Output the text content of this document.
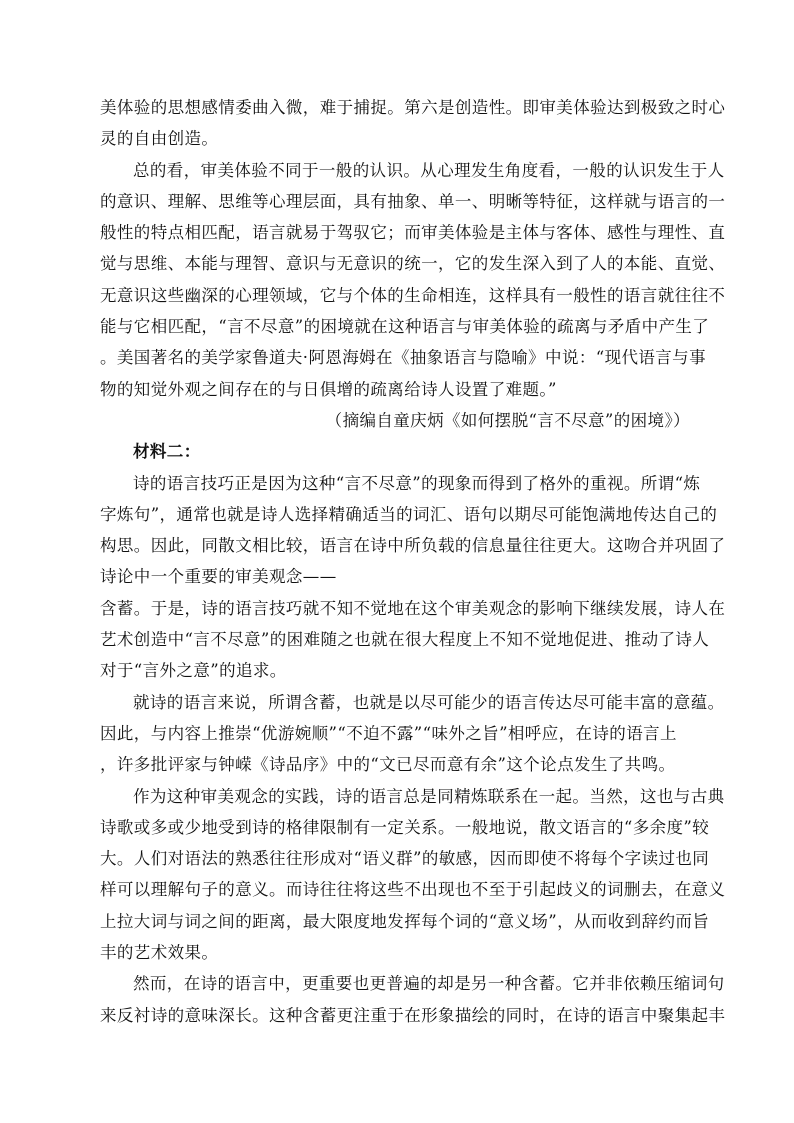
美体验的思想感情委曲入微，难于捕捉。第六是创造性。即审美体验达到极致之时心
灵的自由创造。
总的看，审美体验不同于一般的认识。从心理发生角度看，一般的认识发生于人
的意识、理解、思维等心理层面，具有抽象、单一、明晰等特征，这样就与语言的一
般性的特点相匹配，语言就易于驾驭它；而审美体验是主体与客体、感性与理性、直
觉与思维、本能与理智、意识与无意识的统一，它的发生深入到了人的本能、直觉、
无意识这些幽深的心理领域，它与个体的生命相连，这样具有一般性的语言就往往不
能与它相匹配，“言不尽意”的困境就在这种语言与审美体验的疏离与矛盾中产生了
。美国著名的美学家鲁道夫·阿恩海姆在《抽象语言与隐喻》中说：“现代语言与事
物的知觉外观之间存在的与日俱增的疏离给诗人设置了难题。”
（摘编自童庆炳《如何摆脱“言不尽意”的困境》）
材料二：
诗的语言技巧正是因为这种“言不尽意”的现象而得到了格外的重视。所谓“炼
字炼句”，通常也就是诗人选择精确适当的词汇、语句以期尽可能饱满地传达自己的
构思。因此，同散文相比较，语言在诗中所负载的信息量往往更大。这吻合并巩固了
诗论中一个重要的审美观念——
含蓄。于是，诗的语言技巧就不知不觉地在这个审美观念的影响下继续发展，诗人在
艺术创造中“言不尽意”的困难随之也就在很大程度上不知不觉地促进、推动了诗人
对于“言外之意”的追求。
就诗的语言来说，所谓含蓄，也就是以尽可能少的语言传达尽可能丰富的意蕴。
因此，与内容上推崇“优游婉顺”“不迫不露”“味外之旨”相呼应，在诗的语言上
，许多批评家与钟嵘《诗品序》中的“文已尽而意有余”这个论点发生了共鸣。
作为这种审美观念的实践，诗的语言总是同精炼联系在一起。当然，这也与古典
诗歌或多或少地受到诗的格律限制有一定关系。一般地说，散文语言的“多余度”较
大。人们对语法的熟悉往往形成对“语义群”的敏感，因而即使不将每个字读过也同
样可以理解句子的意义。而诗往往将这些不出现也不至于引起歧义的词删去，在意义
上拉大词与词之间的距离，最大限度地发挥每个词的“意义场”，从而收到辞约而旨
丰的艺术效果。
然而，在诗的语言中，更重要也更普遍的却是另一种含蓄。它并非依赖压缩词句
来反衬诗的意味深长。这种含蓄更注重于在形象描绘的同时，在诗的语言中聚集起丰
